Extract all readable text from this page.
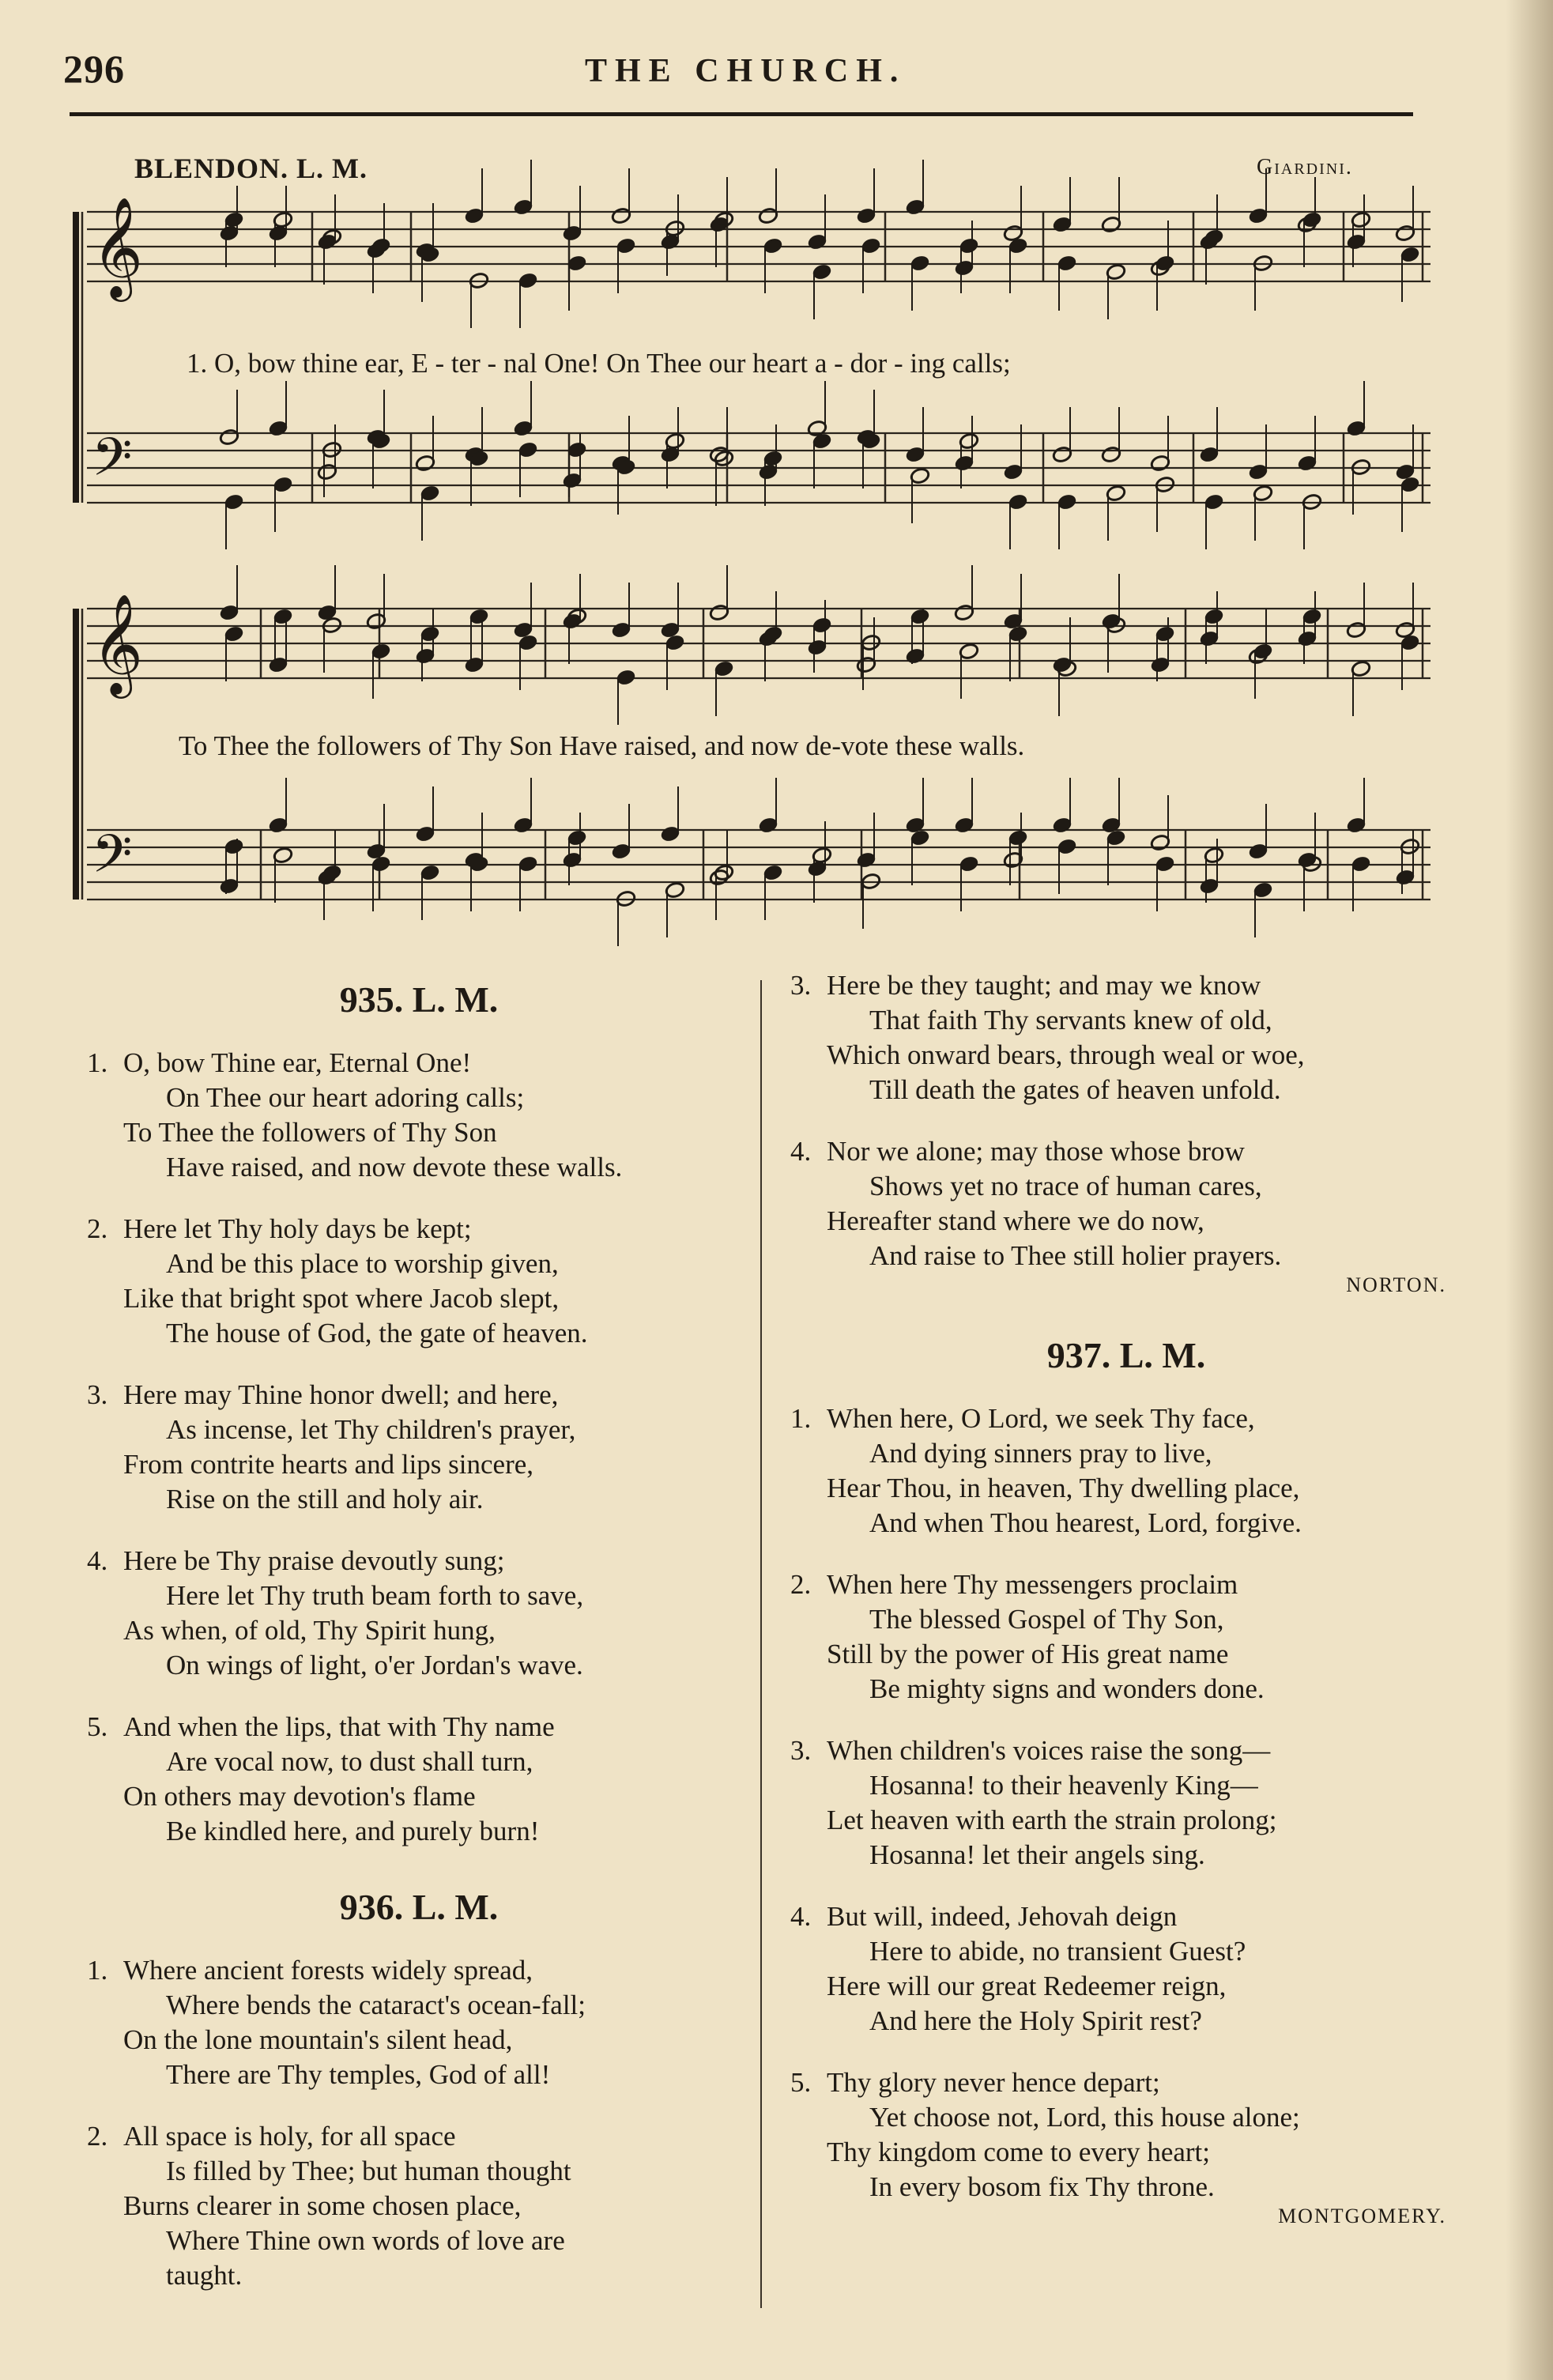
296	THE CHURCH.
BLENDON. L. M.	Giardini.
𝄞
𝄢
𝄞
𝄢
1. O, bow thine ear, E - ter - nal One! On Thee our heart a - dor - ing calls;
To Thee the followers of Thy Son Have raised, and now de-vote these walls.
935. L. M.
1. O, bow Thine ear, Eternal One!
On Thee our heart adoring calls;
To Thee the followers of Thy Son
Have raised, and now devote these walls.
2. Here let Thy holy days be kept;
And be this place to worship given,
Like that bright spot where Jacob slept,
The house of God, the gate of heaven.
3. Here may Thine honor dwell; and here,
As incense, let Thy children's prayer,
From contrite hearts and lips sincere,
Rise on the still and holy air.
4. Here be Thy praise devoutly sung;
Here let Thy truth beam forth to save,
As when, of old, Thy Spirit hung,
On wings of light, o'er Jordan's wave.
5. And when the lips, that with Thy name
Are vocal now, to dust shall turn,
On others may devotion's flame
Be kindled here, and purely burn!
936. L. M.
1. Where ancient forests widely spread,
Where bends the cataract's ocean-fall;
On the lone mountain's silent head,
There are Thy temples, God of all!
2. All space is holy, for all space
Is filled by Thee; but human thought
Burns clearer in some chosen place,
Where Thine own words of love are
taught.
3. Here be they taught; and may we know
That faith Thy servants knew of old,
Which onward bears, through weal or woe,
Till death the gates of heaven unfold.
4. Nor we alone; may those whose brow
Shows yet no trace of human cares,
Hereafter stand where we do now,
And raise to Thee still holier prayers.
NORTON.
937. L. M.
1. When here, O Lord, we seek Thy face,
And dying sinners pray to live,
Hear Thou, in heaven, Thy dwelling place,
And when Thou hearest, Lord, forgive.
2. When here Thy messengers proclaim
The blessed Gospel of Thy Son,
Still by the power of His great name
Be mighty signs and wonders done.
3. When children's voices raise the song—
Hosanna! to their heavenly King—
Let heaven with earth the strain prolong;
Hosanna! let their angels sing.
4. But will, indeed, Jehovah deign
Here to abide, no transient Guest?
Here will our great Redeemer reign,
And here the Holy Spirit rest?
5. Thy glory never hence depart;
Yet choose not, Lord, this house alone;
Thy kingdom come to every heart;
In every bosom fix Thy throne.
MONTGOMERY.
